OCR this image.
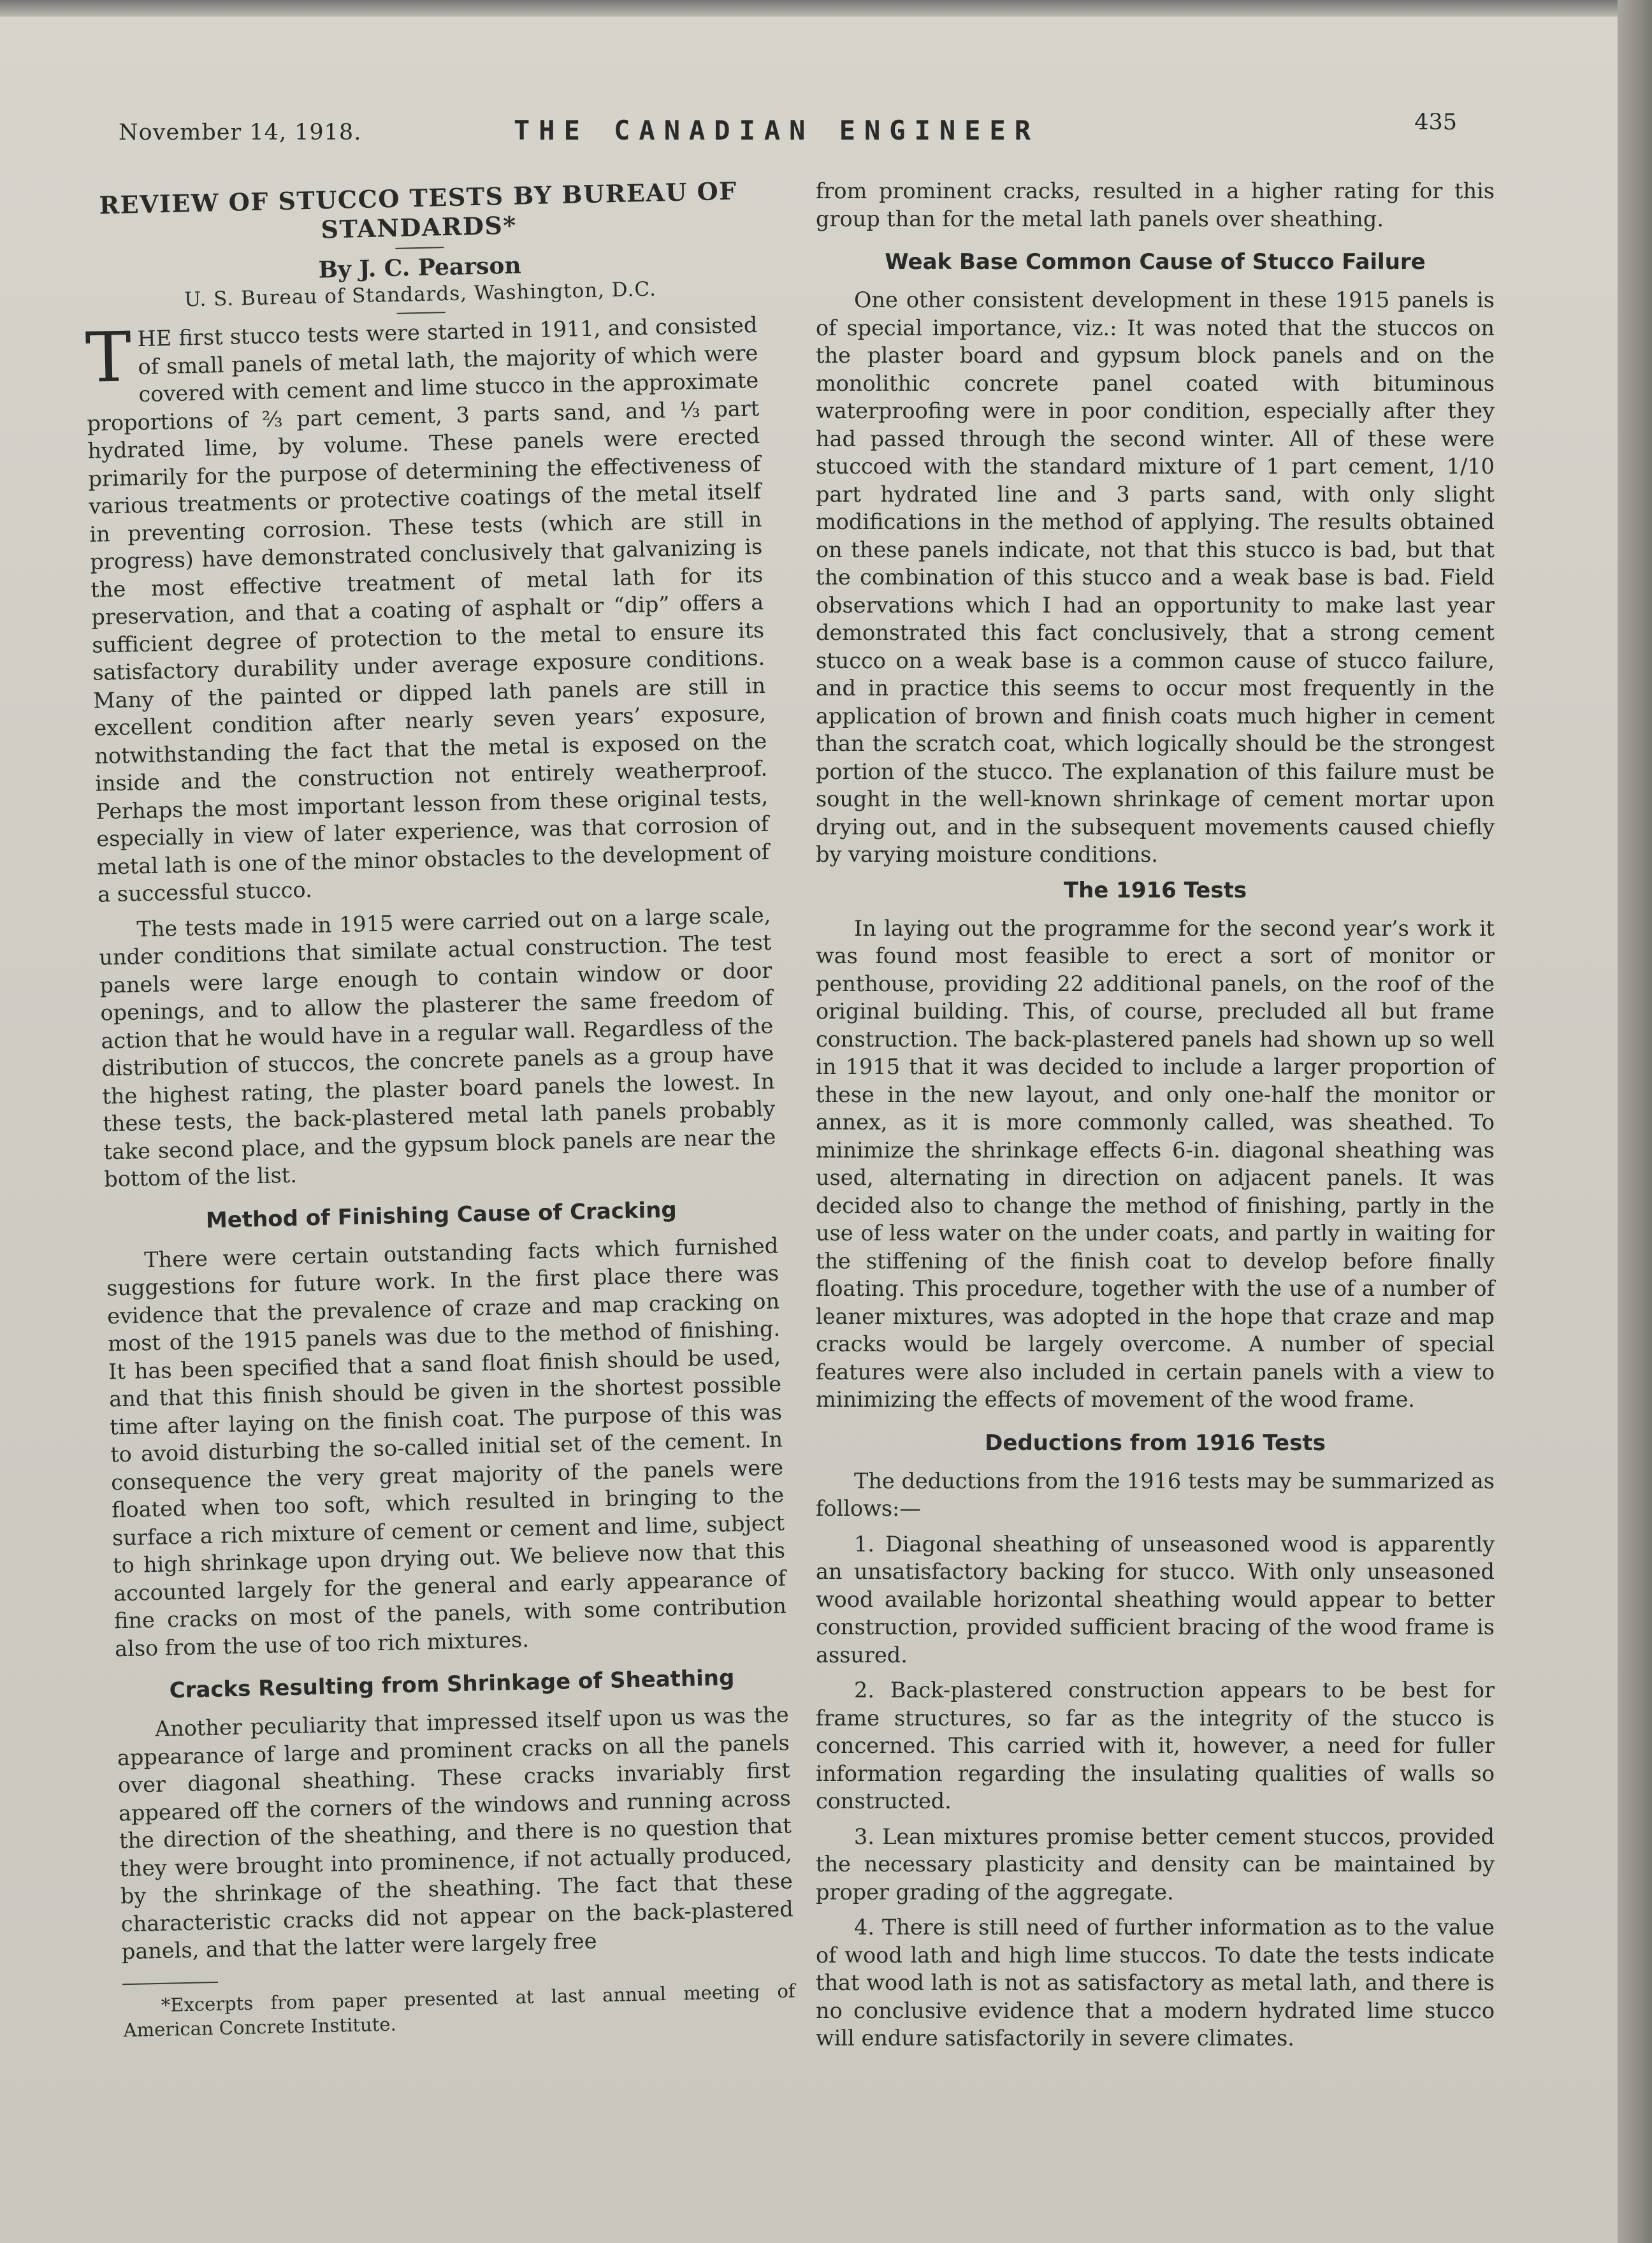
November 14, 1918.	THE CANADIAN ENGINEER	435
REVIEW OF STUCCO TESTS BY BUREAU OF
STANDARDS*
By J. C. Pearson
U. S. Bureau of Standards, Washington, D.C.

THE first stucco tests were started in 1911, and consisted of small panels of metal lath, the majority of which were covered with cement and lime stucco in the approximate proportions of ⅔ part cement, 3 parts sand, and ⅓ part hydrated lime, by volume. These panels were erected primarily for the purpose of determining the effectiveness of various treatments or protective coatings of the metal itself in preventing corrosion. These tests (which are still in progress) have demonstrated conclusively that galvanizing is the most effective treatment of metal lath for its preservation, and that a coating of asphalt or “dip” offers a sufficient degree of protection to the metal to ensure its satisfactory durability under average exposure conditions. Many of the painted or dipped lath panels are still in excellent condition after nearly seven years’ exposure, notwithstanding the fact that the metal is exposed on the inside and the construction not entirely weatherproof. Perhaps the most important lesson from these original tests, especially in view of later experience, was that corrosion of metal lath is one of the minor obstacles to the development of a successful stucco.

The tests made in 1915 were carried out on a large scale, under conditions that similate actual construction. The test panels were large enough to contain window or door openings, and to allow the plasterer the same freedom of action that he would have in a regular wall. Regardless of the distribution of stuccos, the concrete panels as a group have the highest rating, the plaster board panels the lowest. In these tests, the back-plastered metal lath panels probably take second place, and the gypsum block panels are near the bottom of the list.

Method of Finishing Cause of Cracking

There were certain outstanding facts which furnished suggestions for future work. In the first place there was evidence that the prevalence of craze and map cracking on most of the 1915 panels was due to the method of finishing. It has been specified that a sand float finish should be used, and that this finish should be given in the shortest possible time after laying on the finish coat. The purpose of this was to avoid disturbing the so-called initial set of the cement. In consequence the very great majority of the panels were floated when too soft, which resulted in bringing to the surface a rich mixture of cement or cement and lime, subject to high shrinkage upon drying out. We believe now that this accounted largely for the general and early appearance of fine cracks on most of the panels, with some contribution also from the use of too rich mixtures.

Cracks Resulting from Shrinkage of Sheathing

Another peculiarity that impressed itself upon us was the appearance of large and prominent cracks on all the panels over diagonal sheathing. These cracks invariably first appeared off the corners of the windows and running across the direction of the sheathing, and there is no question that they were brought into prominence, if not actually produced, by the shrinkage of the sheathing. The fact that these characteristic cracks did not appear on the back-plastered panels, and that the latter were largely free

*Excerpts from paper presented at last annual meeting of American Concrete Institute.

from prominent cracks, resulted in a higher rating for this group than for the metal lath panels over sheathing.

Weak Base Common Cause of Stucco Failure

One other consistent development in these 1915 panels is of special importance, viz.: It was noted that the stuccos on the plaster board and gypsum block panels and on the monolithic concrete panel coated with bituminous waterproofing were in poor condition, especially after they had passed through the second winter. All of these were stuccoed with the standard mixture of 1 part cement, 1/10 part hydrated line and 3 parts sand, with only slight modifications in the method of applying. The results obtained on these panels indicate, not that this stucco is bad, but that the combination of this stucco and a weak base is bad. Field observations which I had an opportunity to make last year demonstrated this fact conclusively, that a strong cement stucco on a weak base is a common cause of stucco failure, and in practice this seems to occur most frequently in the application of brown and finish coats much higher in cement than the scratch coat, which logically should be the strongest portion of the stucco. The explanation of this failure must be sought in the well-known shrinkage of cement mortar upon drying out, and in the subsequent movements caused chiefly by varying moisture conditions.

The 1916 Tests

In laying out the programme for the second year’s work it was found most feasible to erect a sort of monitor or penthouse, providing 22 additional panels, on the roof of the original building. This, of course, precluded all but frame construction. The back-plastered panels had shown up so well in 1915 that it was decided to include a larger proportion of these in the new layout, and only one-half the monitor or annex, as it is more commonly called, was sheathed. To minimize the shrinkage effects 6-in. diagonal sheathing was used, alternating in direction on adjacent panels. It was decided also to change the method of finishing, partly in the use of less water on the under coats, and partly in waiting for the stiffening of the finish coat to develop before finally floating. This procedure, together with the use of a number of leaner mixtures, was adopted in the hope that craze and map cracks would be largely overcome. A number of special features were also included in certain panels with a view to minimizing the effects of movement of the wood frame.

Deductions from 1916 Tests

The deductions from the 1916 tests may be summarized as follows:—

1. Diagonal sheathing of unseasoned wood is apparently an unsatisfactory backing for stucco. With only unseasoned wood available horizontal sheathing would appear to better construction, provided sufficient bracing of the wood frame is assured.

2. Back-plastered construction appears to be best for frame structures, so far as the integrity of the stucco is concerned. This carried with it, however, a need for fuller information regarding the insulating qualities of walls so constructed.

3. Lean mixtures promise better cement stuccos, provided the necessary plasticity and density can be maintained by proper grading of the aggregate.

4. There is still need of further information as to the value of wood lath and high lime stuccos. To date the tests indicate that wood lath is not as satisfactory as metal lath, and there is no conclusive evidence that a modern hydrated lime stucco will endure satisfactorily in severe climates.
